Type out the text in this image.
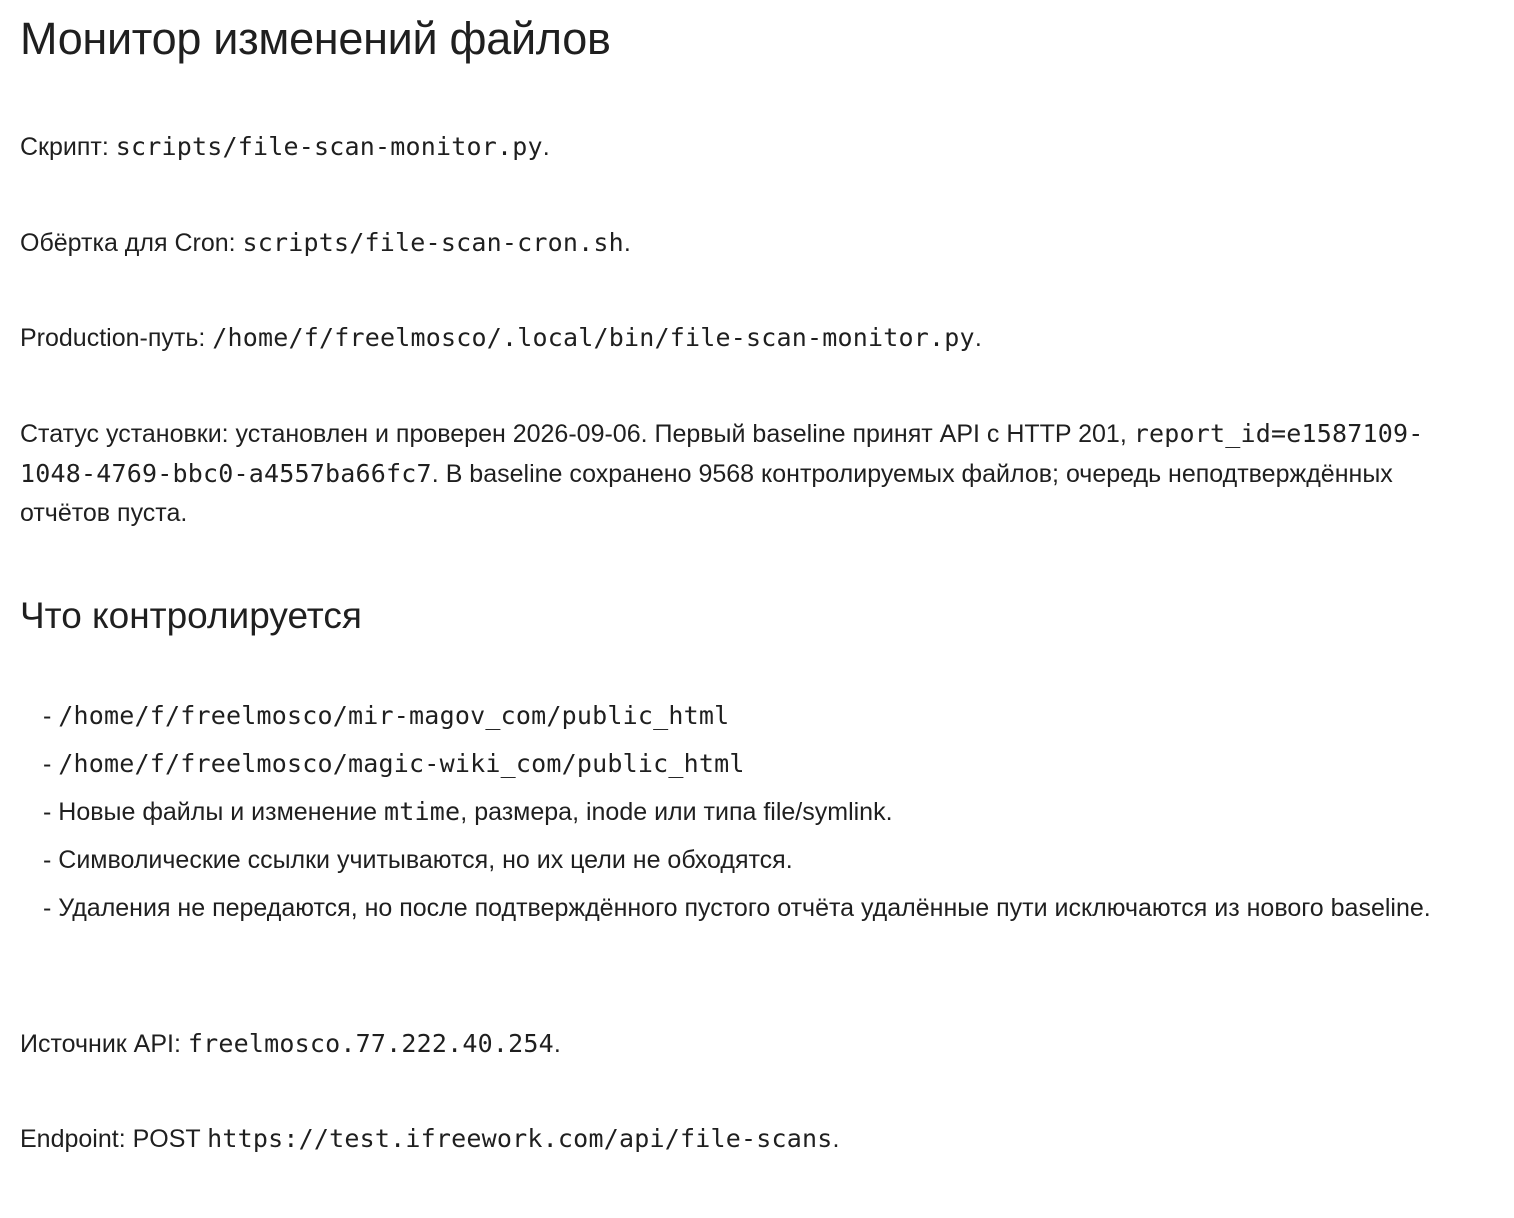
Монитор изменений файлов

Скрипт: scripts/file-scan-monitor.py.

Обёртка для Cron: scripts/file-scan-cron.sh.

Production-путь: /home/f/freelmosco/.local/bin/file-scan-monitor.py.

Статус установки: установлен и проверен 2026-09-06. Первый baseline принят API с HTTP 201, report_id=e1587109-1048-4769-bbc0-a4557ba66fc7. В baseline сохранено 9568 контролируемых файлов; очередь неподтверждённых отчётов пуста.

Что контролируется
- /home/f/freelmosco/mir-magov_com/public_html
- /home/f/freelmosco/magic-wiki_com/public_html
- Новые файлы и изменение mtime, размера, inode или типа file/symlink.
- Символические ссылки учитываются, но их цели не обходятся.
- Удаления не передаются, но после подтверждённого пустого отчёта удалённые пути исключаются из нового baseline.

Источник API: freelmosco.77.222.40.254.

Endpoint: POST https://test.ifreework.com/api/file-scans.
